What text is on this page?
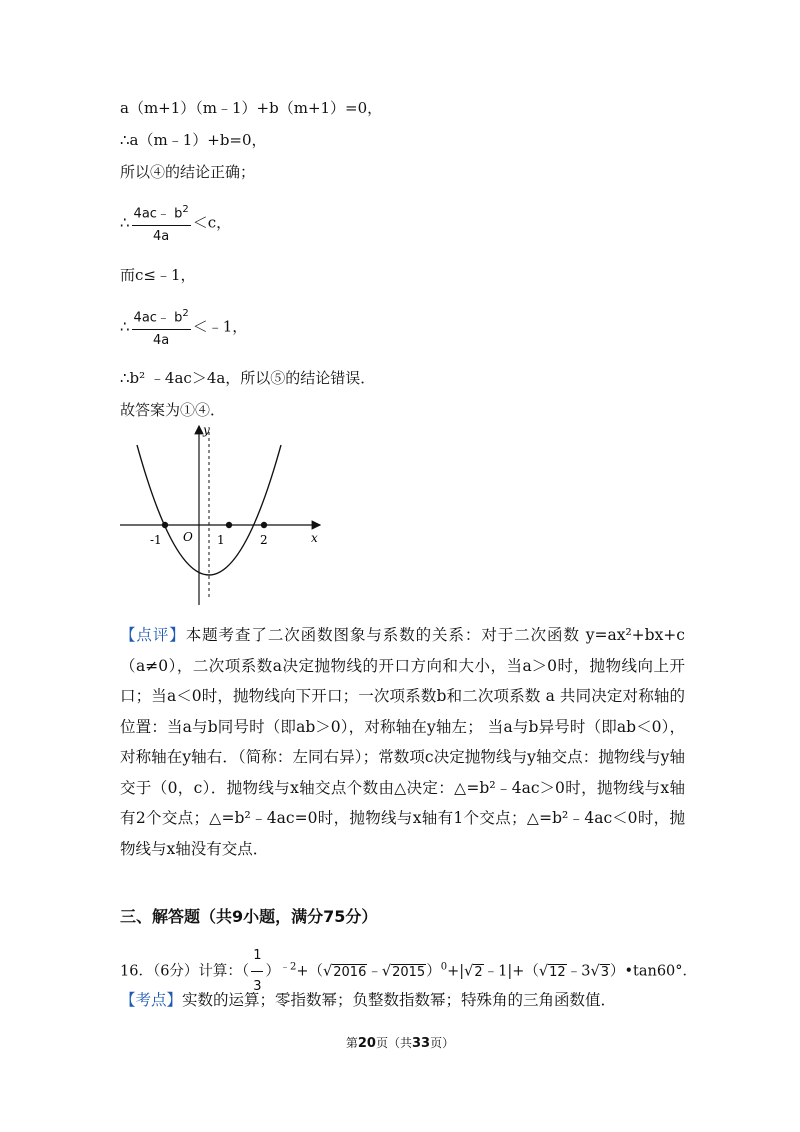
a（m+1）（m﹣1）+b（m+1）=0，
∴a（m﹣1）+b=0，
所以④的结论正确；
∴ $\frac{4ac﹣ b^2}{4a} <c$，
而c≤﹣1，
∴ $\frac{4ac﹣ b^2}{4a}$ ＜﹣1，
∴b² ﹣4ac＞4a，所以⑤的结论错误．
故答案为①④．
y
x
O
-1	1	2
【点评】本题考查了二次函数图象与系数的关系：对于二次函数 y=ax²+bx+c（a≠0），二次项系数a决定抛物线的开口方向和大小，当a＞0时，抛物线向上开口；当a＜0时，抛物线向下开口；一次项系数b和二次项系数 a 共同决定对称轴的位置：当a与b同号时（即ab＞0），对称轴在y轴左； 当a与b异号时（即ab＜0），对称轴在y轴右．（简称：左同右异）；常数项c决定抛物线与y轴交点：抛物线与y轴交于（0，c）．抛物线与x轴交点个数由△决定：△=b²﹣4ac＞0时，抛物线与x轴有2个交点；△=b²﹣4ac=0时，抛物线与x轴有1个交点；△=b²﹣4ac＜0时，抛物线与x轴没有交点．
三、解答题（共9小题，满分75分）
16．（6分）计算：（ $\frac{1}{3}$ ）$^{﹣2}$+（√2016﹣√2015）$^0$+|√2﹣1|+（√12﹣3√3）•tan60°．
【考点】实数的运算；零指数幂；负整数指数幂；特殊角的三角函数值．
第20页（共33页）
